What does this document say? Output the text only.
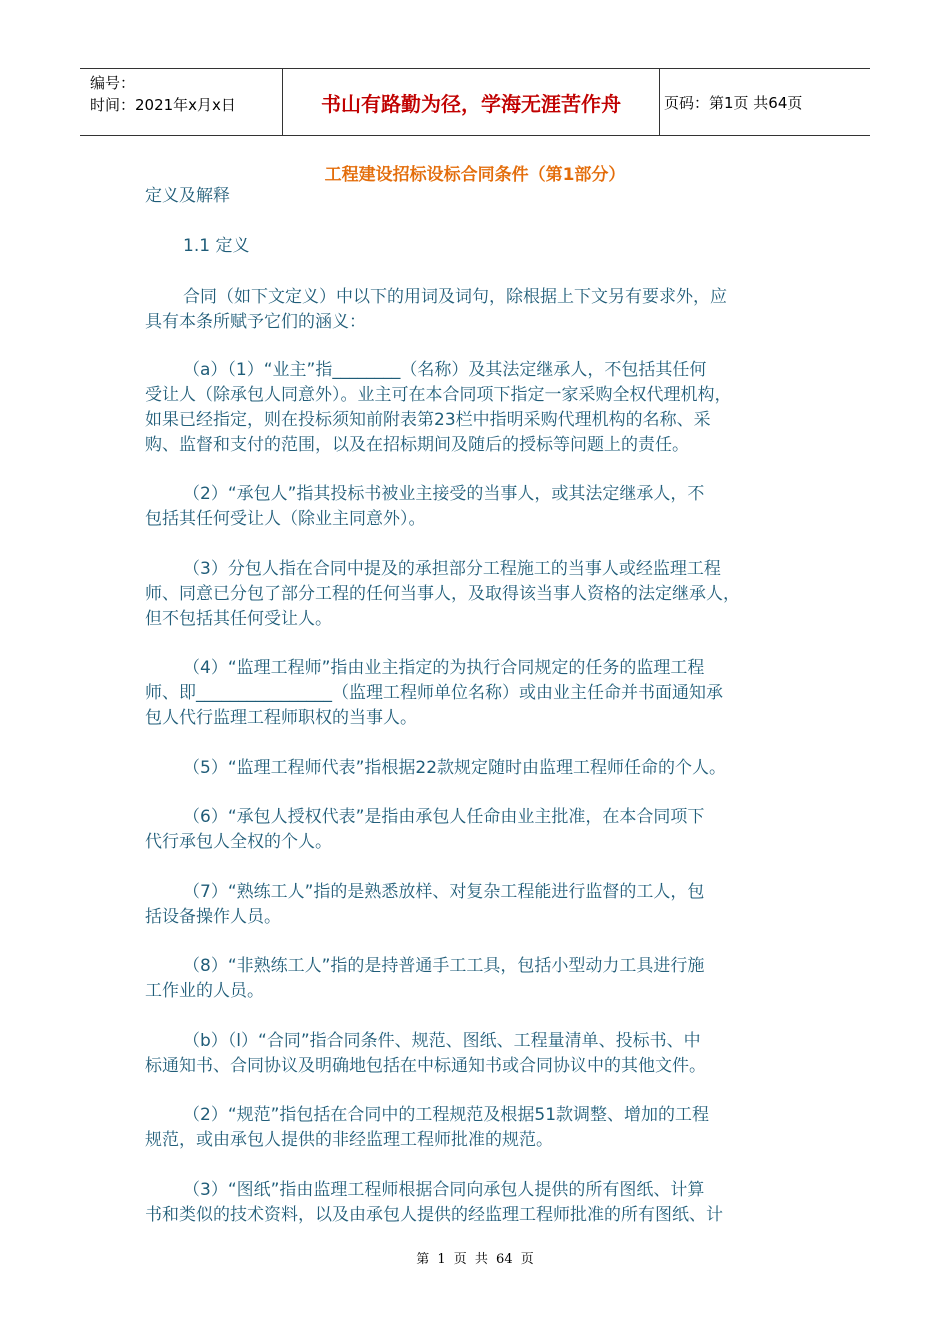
编号：
时间：2021年x月x日	书山有路勤为径，学海无涯苦作舟	页码：第1页 共64页
工程建设招标设标合同条件（第1部分）
定义及解释
1.1 定义
合同（如下文定义）中以下的用词及词句，除根据上下文另有要求外，应
具有本条所赋予它们的涵义：
（a）（1）“业主”指________（名称）及其法定继承人，不包括其任何
受让人（除承包人同意外）。业主可在本合同项下指定一家采购全权代理机构，
如果已经指定，则在投标须知前附表第23栏中指明采购代理机构的名称、采
购、监督和支付的范围，以及在招标期间及随后的授标等问题上的责任。
（2）“承包人”指其投标书被业主接受的当事人，或其法定继承人，不
包括其任何受让人（除业主同意外）。
（3）分包人指在合同中提及的承担部分工程施工的当事人或经监理工程
师、同意已分包了部分工程的任何当事人，及取得该当事人资格的法定继承人，
但不包括其任何受让人。
（4）“监理工程师”指由业主指定的为执行合同规定的任务的监理工程
师、即________________（监理工程师单位名称）或由业主任命并书面通知承
包人代行监理工程师职权的当事人。
（5）“监理工程师代表”指根据22款规定随时由监理工程师任命的个人。
（6）“承包人授权代表”是指由承包人任命由业主批准，在本合同项下
代行承包人全权的个人。
（7）“熟练工人”指的是熟悉放样、对复杂工程能进行监督的工人，包
括设备操作人员。
（8）“非熟练工人”指的是持普通手工工具，包括小型动力工具进行施
工作业的人员。
（b）（l）“合同”指合同条件、规范、图纸、工程量清单、投标书、中
标通知书、合同协议及明确地包括在中标通知书或合同协议中的其他文件。
（2）“规范”指包括在合同中的工程规范及根据51款调整、增加的工程
规范，或由承包人提供的非经监理工程师批准的规范。
（3）“图纸”指由监理工程师根据合同向承包人提供的所有图纸、计算
书和类似的技术资料，以及由承包人提供的经监理工程师批准的所有图纸、计
第 1 页 共 64 页
